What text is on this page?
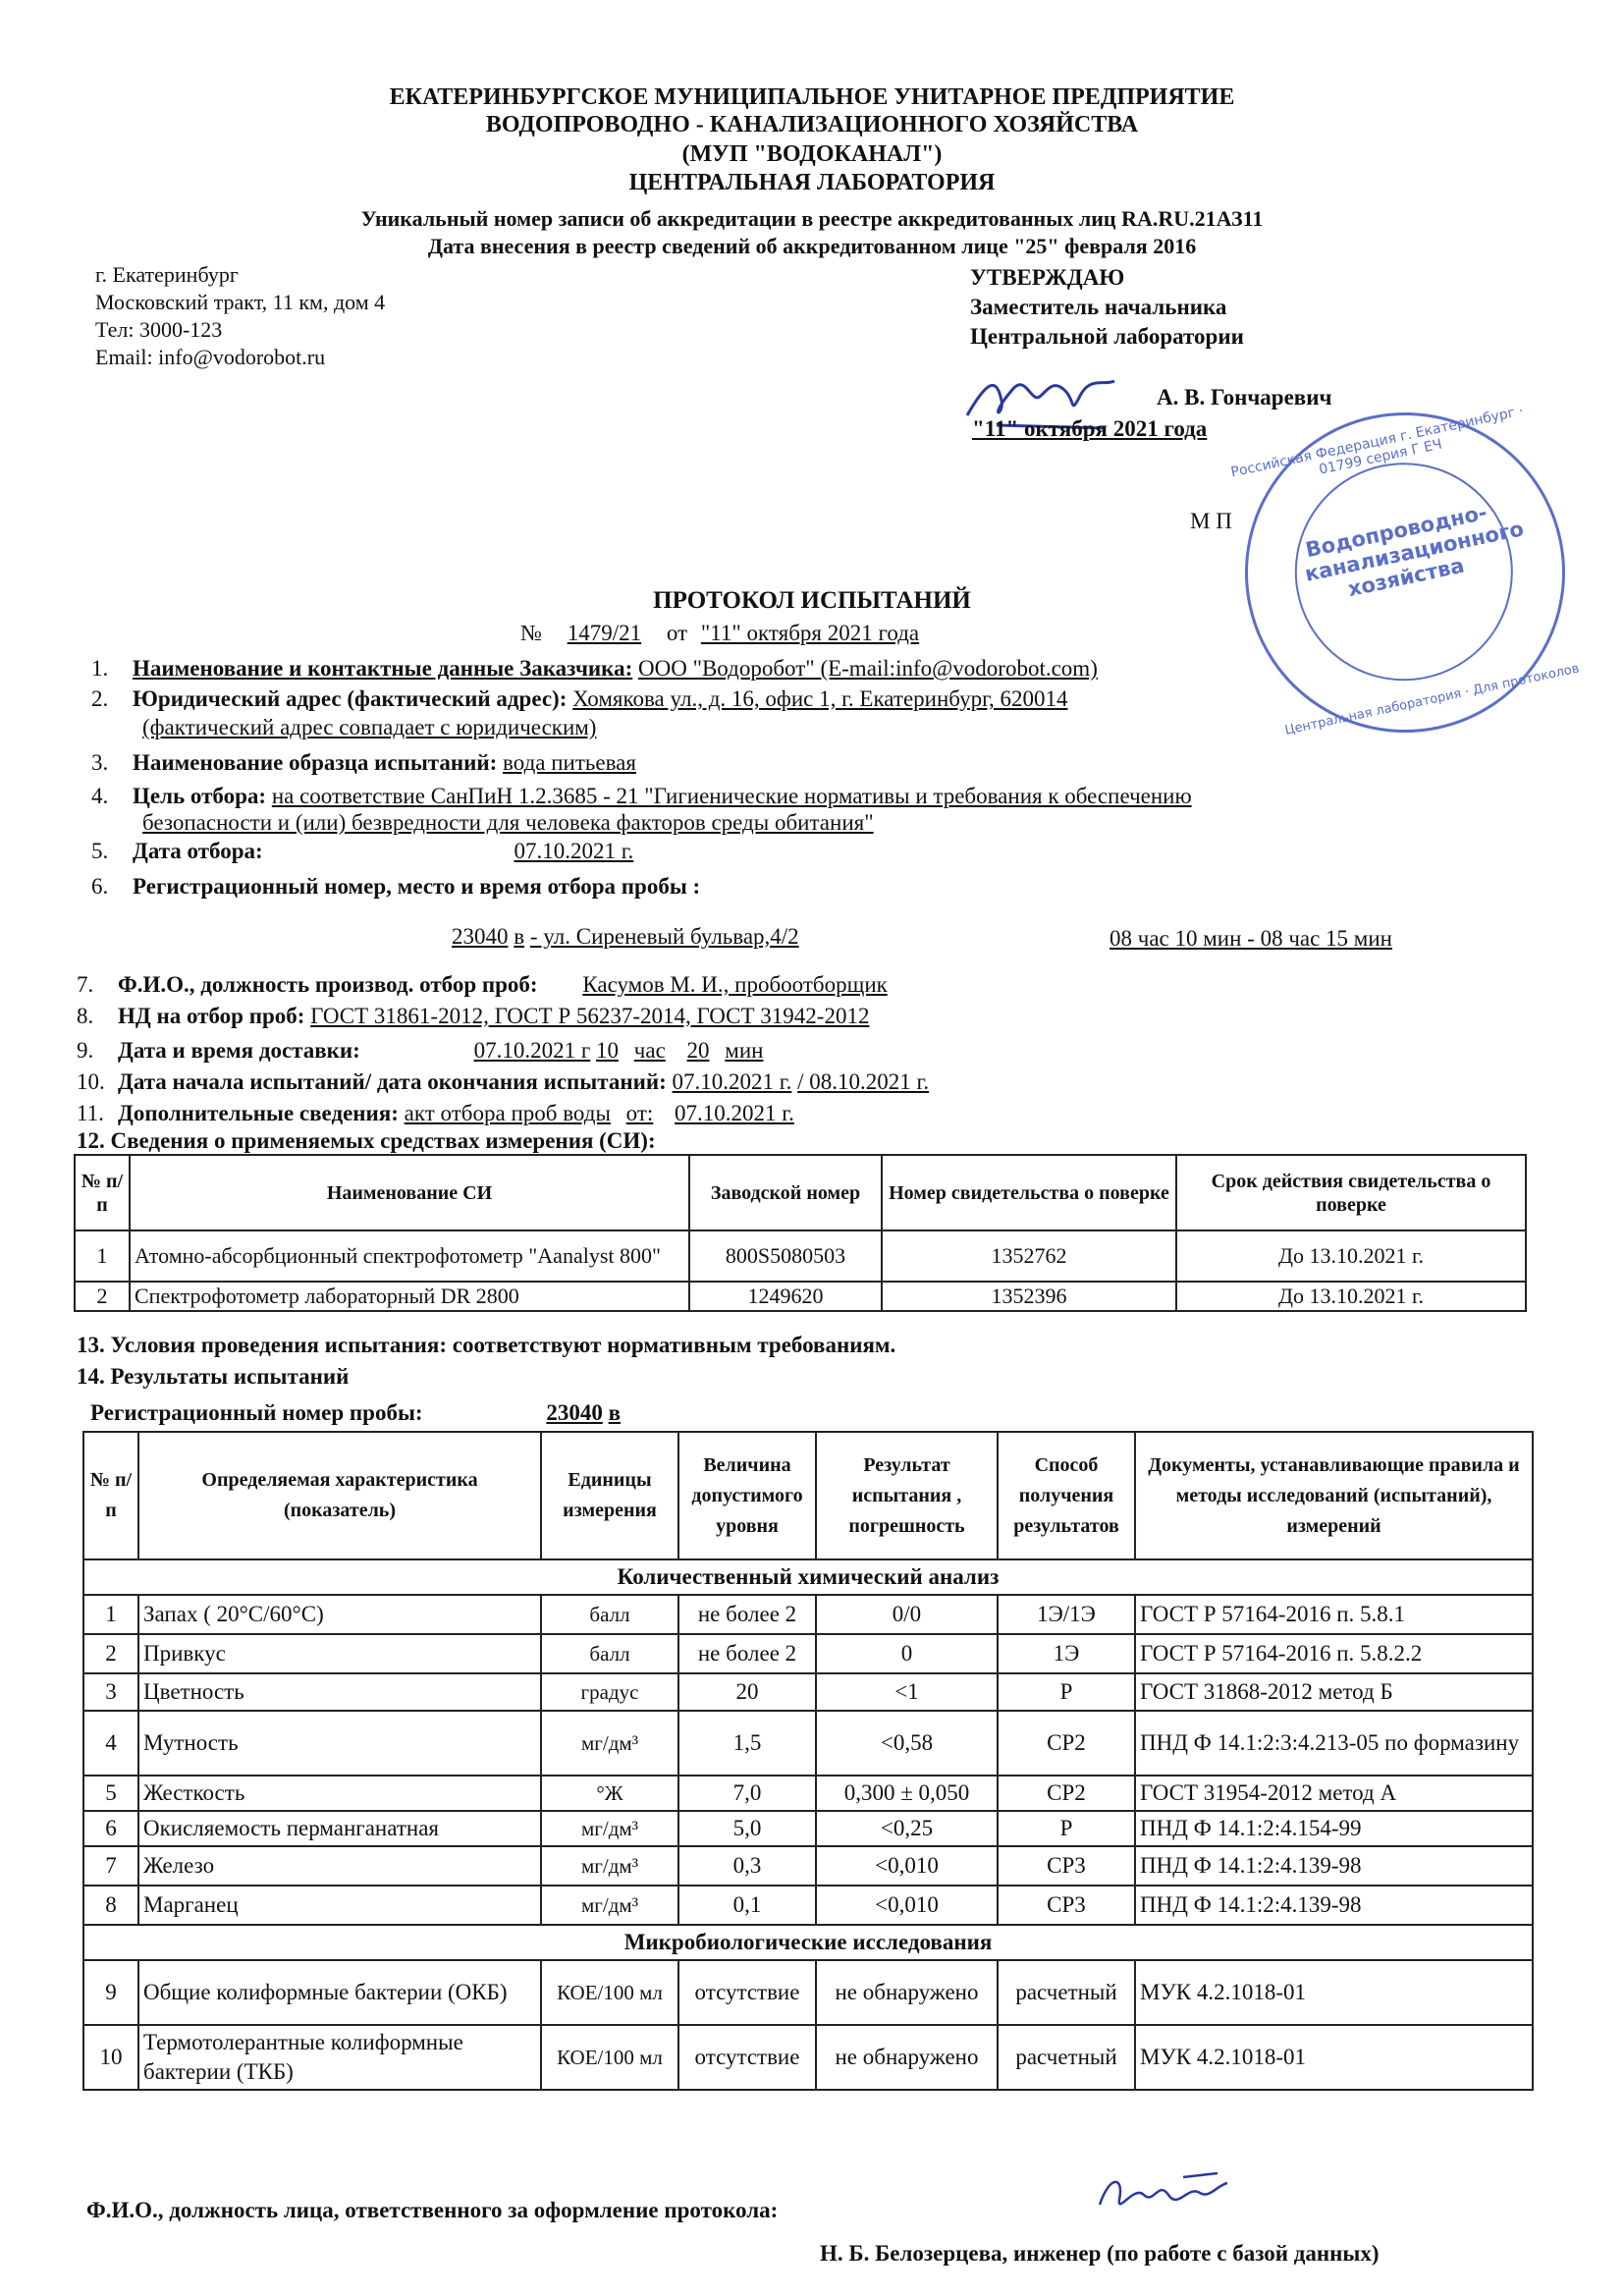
ЕКАТЕРИНБУРГСКОЕ МУНИЦИПАЛЬНОЕ УНИТАРНОЕ ПРЕДПРИЯТИЕ
ВОДОПРОВОДНО - КАНАЛИЗАЦИОННОГО ХОЗЯЙСТВА
(МУП "ВОДОКАНАЛ")
ЦЕНТРАЛЬНАЯ ЛАБОРАТОРИЯ
Уникальный номер записи об аккредитации в реестре аккредитованных лиц RA.RU.21АЗ11
Дата внесения в реестр сведений об аккредитованном лице "25" февраля 2016
г. Екатеринбург
Московский тракт, 11 км, дом 4
Тел: 3000-123
Email: info@vodorobot.ru
УТВЕРЖДАЮ
Заместитель начальника
Центральной лаборатории
А. В. Гончаревич
"11" октября 2021 года
М П	Водопроводно-канализационного хозяйства
Российская Федерация г. Екатеринбург · 01799 серия Г ЕЧ
Центральная лаборатория · Для протоколов
ПРОТОКОЛ ИСПЫТАНИЙ
№ 1479/21 от "11" октября 2021 года
1. Наименование и контактные данные Заказчика: ООО "Водоробот" (E-mail:info@vodorobot.com)
2. Юридический адрес (фактический адрес): Хомякова ул., д. 16, офис 1, г. Екатеринбург, 620014
(фактический адрес совпадает с юридическим)
3. Наименование образца испытаний: вода питьевая
4. Цель отбора: на соответствие СанПиН 1.2.3685 - 21 "Гигиенические нормативы и требования к обеспечению
безопасности и (или) безвредности для человека факторов среды обитания"
5. Дата отбора:	07.10.2021 г.
6. Регистрационный номер, место и время отбора пробы :
23040 в - ул. Сиреневый бульвар,4/2	08 час 10 мин - 08 час 15 мин
7. Ф.И.О., должность производ. отбор проб: Касумов М. И., пробоотборщик
8. НД на отбор проб: ГОСТ 31861-2012, ГОСТ Р 56237-2014, ГОСТ 31942-2012
9. Дата и время доставки:	07.10.2021 г 10 час 20 мин
10. Дата начала испытаний/ дата окончания испытаний: 07.10.2021 г. / 08.10.2021 г.
11. Дополнительные сведения: акт отбора проб воды от: 07.10.2021 г.
12. Сведения о применяемых средствах измерения (СИ):
№ п/п	Наименование СИ	Заводской номер	Номер свидетельства о поверке	Срок действия свидетельства о поверке
1	Атомно-абсорбционный спектрофотометр "Aanalyst 800"	800S5080503	1352762	До 13.10.2021 г.
2	Спектрофотометр лабораторный DR 2800	1249620	1352396	До 13.10.2021 г.
13. Условия проведения испытания: соответствуют нормативным требованиям.
14. Результаты испытаний
Регистрационный номер пробы:	23040 в
№ п/п	Определяемая характеристика (показатель)	Единицы измерения	Величина допустимого уровня	Результат испытания , погрешность	Способ получения результатов	Документы, устанавливающие правила и методы исследований (испытаний), измерений
Количественный химический анализ						
1	Запах ( 20°С/60°С)	балл	не более 2	0/0	1Э/1Э	ГОСТ Р 57164-2016 п. 5.8.1
2	Привкус	балл	не более 2	0	1Э	ГОСТ Р 57164-2016 п. 5.8.2.2
3	Цветность	градус	20	<1	Р	ГОСТ 31868-2012 метод Б
4	Мутность	мг/дм³	1,5	<0,58	СР2	ПНД Ф 14.1:2:3:4.213-05 по формазину
5	Жесткость	°Ж	7,0	0,300 ± 0,050	СР2	ГОСТ 31954-2012 метод А
6	Окисляемость перманганатная	мг/дм³	5,0	<0,25	Р	ПНД Ф 14.1:2:4.154-99
7	Железо	мг/дм³	0,3	<0,010	СР3	ПНД Ф 14.1:2:4.139-98
8	Марганец	мг/дм³	0,1	<0,010	СР3	ПНД Ф 14.1:2:4.139-98
Микробиологические исследования						
9	Общие колиформные бактерии (ОКБ)	КОЕ/100 мл	отсутствие	не обнаружено	расчетный	МУК 4.2.1018-01
10	Термотолерантные колиформные бактерии (ТКБ)	КОЕ/100 мл	отсутствие	не обнаружено	расчетный	МУК 4.2.1018-01
Ф.И.О., должность лица, ответственного за оформление протокола:
Н. Б. Белозерцева, инженер (по работе с базой данных)
